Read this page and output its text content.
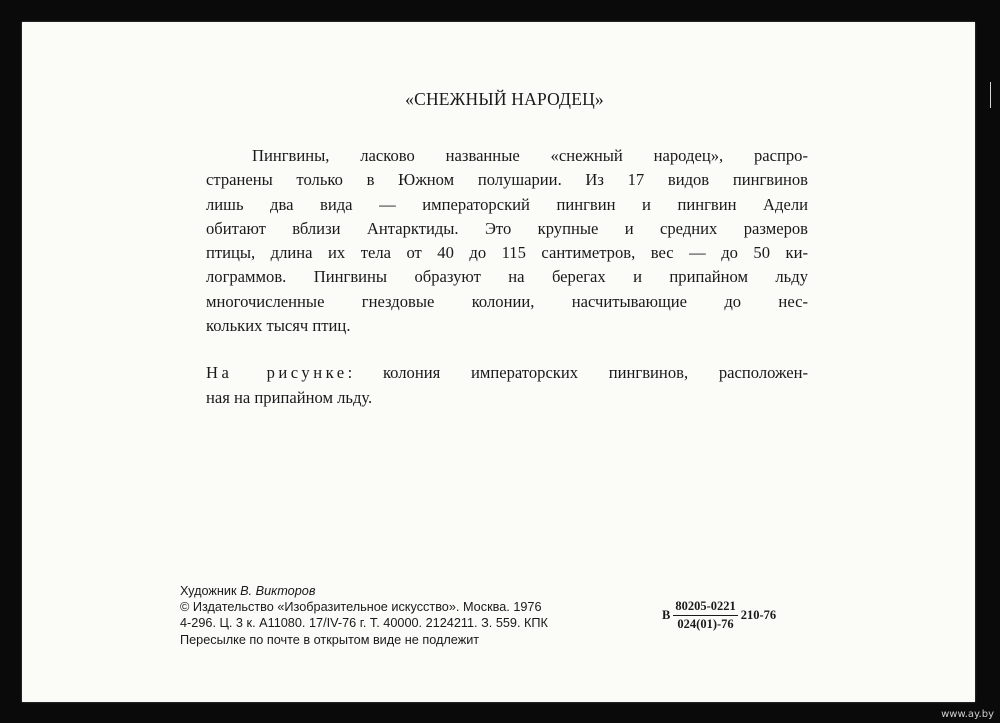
«СНЕЖНЫЙ НАРОДЕЦ»
Пингвины, ласково названные «снежный народец», распро-
странены только в Южном полушарии. Из 17 видов пингвинов
лишь два вида — императорский пингвин и пингвин Адели
обитают вблизи Антарктиды. Это крупные и средних размеров
птицы, длина их тела от 40 до 115 сантиметров, вес — до 50 ки-
лограммов. Пингвины образуют на берегах и припайном льду
многочисленные гнездовые колонии, насчитывающие до нес-
кольких тысяч птиц.
На рисунке: колония императорских пингвинов, расположен-
ная на припайном льду.
Художник В. Викторов
© Издательство «Изобразительное искусство». Москва. 1976
4-296. Ц. 3 к. А11080. 17/IV-76 г. Т. 40000. 2124211. З. 559. КПК
Пересылке по почте в открытом виде не подлежит
В $\frac{80205-0221}{024(01)-76} 210-76$
www.ay.by
